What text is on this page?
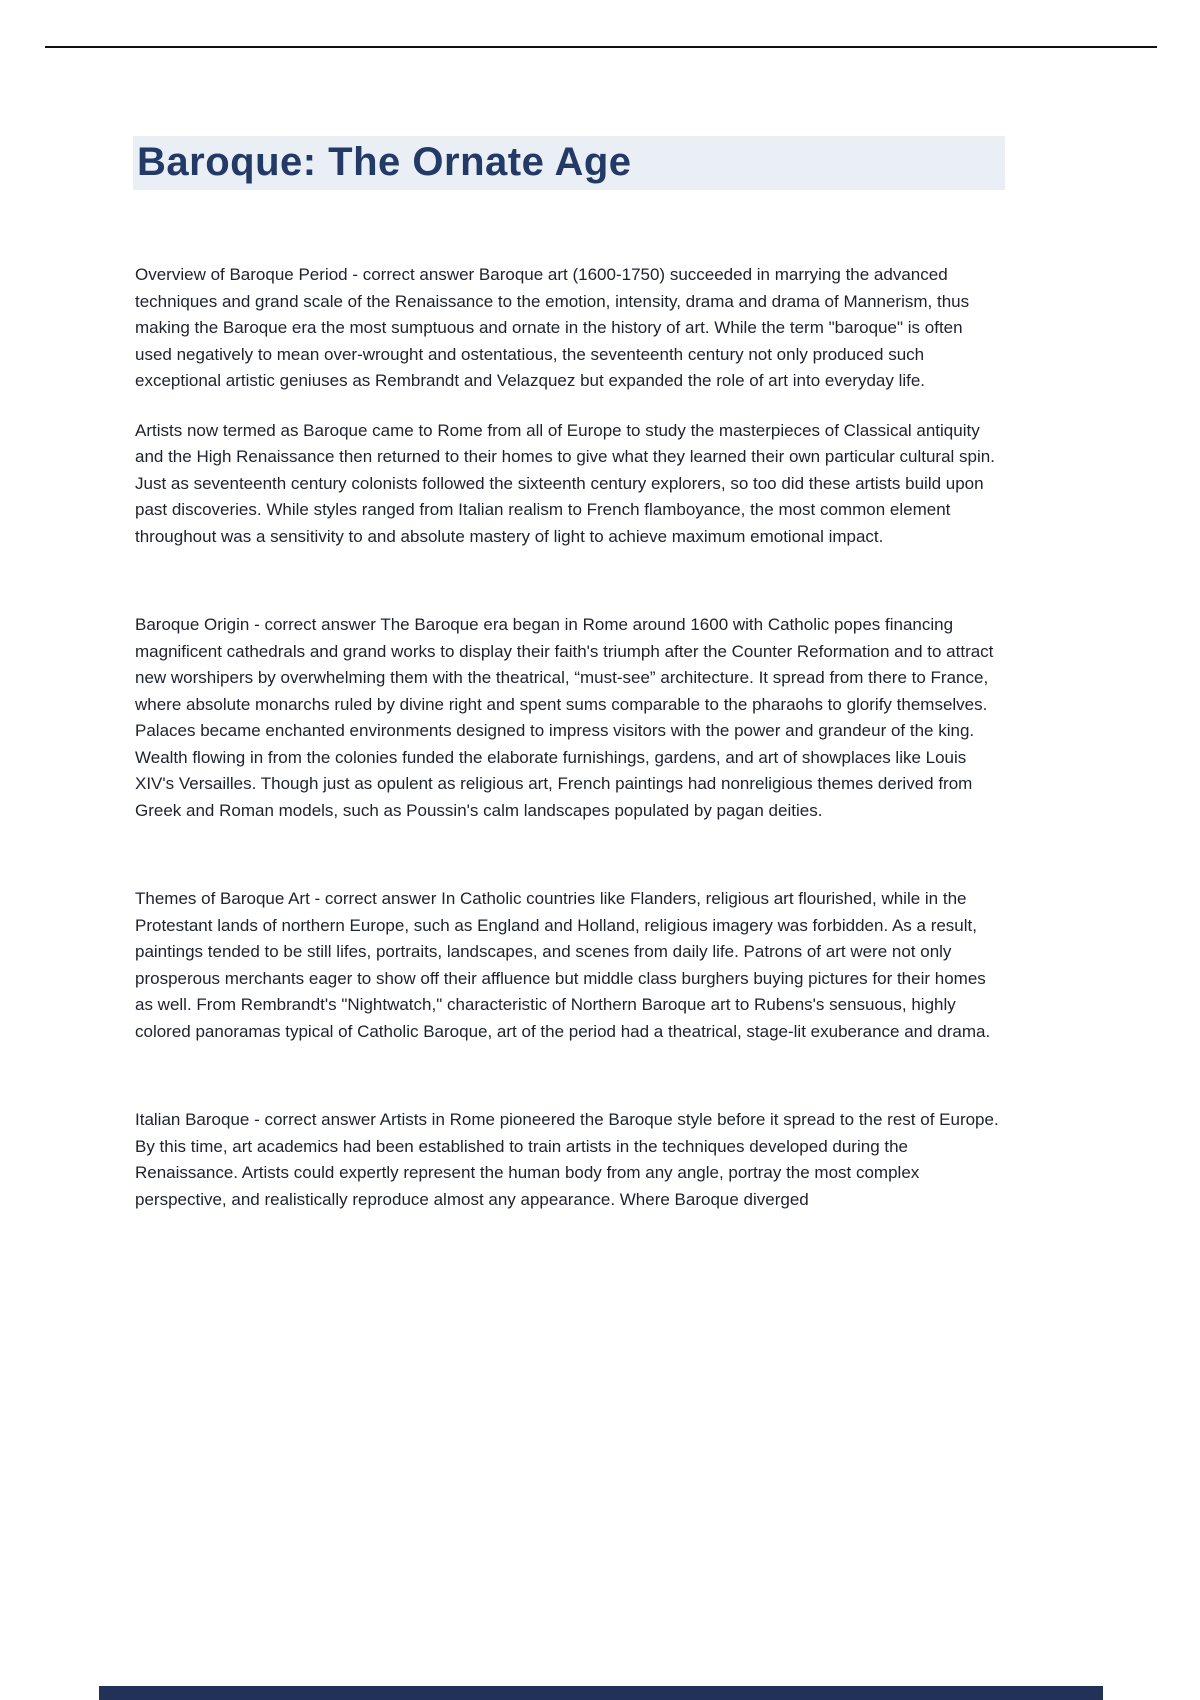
Baroque: The Ornate Age

Overview of Baroque Period - correct answer Baroque art (1600-1750) succeeded in marrying the advanced techniques and grand scale of the Renaissance to the emotion, intensity, drama and drama of Mannerism, thus making the Baroque era the most sumptuous and ornate in the history of art. While the term "baroque" is often used negatively to mean over-wrought and ostentatious, the seventeenth century not only produced such exceptional artistic geniuses as Rembrandt and Velazquez but expanded the role of art into everyday life.

Artists now termed as Baroque came to Rome from all of Europe to study the masterpieces of Classical antiquity and the High Renaissance then returned to their homes to give what they learned their own particular cultural spin. Just as seventeenth century colonists followed the sixteenth century explorers, so too did these artists build upon past discoveries. While styles ranged from Italian realism to French flamboyance, the most common element throughout was a sensitivity to and absolute mastery of light to achieve maximum emotional impact.

Baroque Origin - correct answer The Baroque era began in Rome around 1600 with Catholic popes financing magnificent cathedrals and grand works to display their faith's triumph after the Counter Reformation and to attract new worshipers by overwhelming them with the theatrical, “must-see” architecture. It spread from there to France, where absolute monarchs ruled by divine right and spent sums comparable to the pharaohs to glorify themselves. Palaces became enchanted environments designed to impress visitors with the power and grandeur of the king. Wealth flowing in from the colonies funded the elaborate furnishings, gardens, and art of showplaces like Louis XIV's Versailles. Though just as opulent as religious art, French paintings had nonreligious themes derived from Greek and Roman models, such as Poussin's calm landscapes populated by pagan deities.

Themes of Baroque Art - correct answer In Catholic countries like Flanders, religious art flourished, while in the Protestant lands of northern Europe, such as England and Holland, religious imagery was forbidden. As a result, paintings tended to be still lifes, portraits, landscapes, and scenes from daily life. Patrons of art were not only prosperous merchants eager to show off their affluence but middle class burghers buying pictures for their homes as well. From Rembrandt's "Nightwatch," characteristic of Northern Baroque art to Rubens's sensuous, highly colored panoramas typical of Catholic Baroque, art of the period had a theatrical, stage-lit exuberance and drama.

Italian Baroque - correct answer Artists in Rome pioneered the Baroque style before it spread to the rest of Europe. By this time, art academics had been established to train artists in the techniques developed during the Renaissance. Artists could expertly represent the human body from any angle, portray the most complex perspective, and realistically reproduce almost any appearance. Where Baroque diverged
